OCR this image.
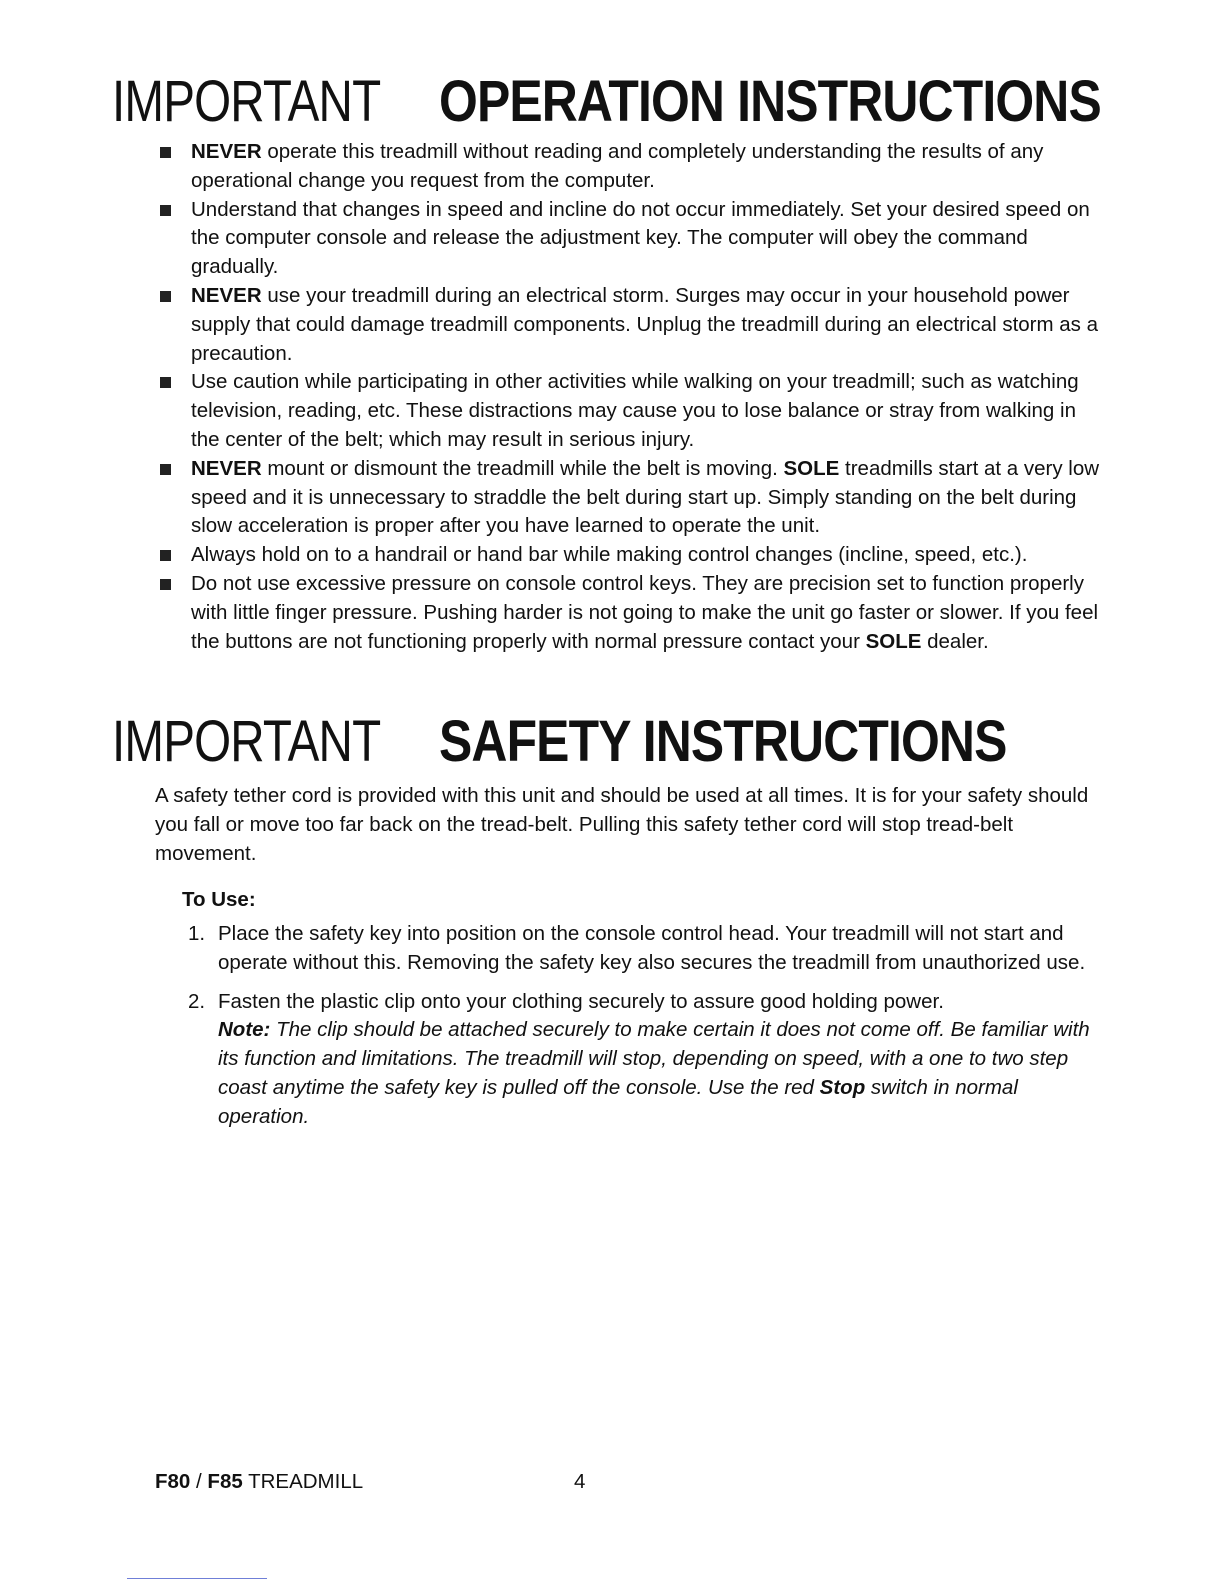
IMPORTANT OPERATION INSTRUCTIONS
NEVER operate this treadmill without reading and completely understanding the results of any operational change you request from the computer.
Understand that changes in speed and incline do not occur immediately. Set your desired speed on the computer console and release the adjustment key. The computer will obey the command gradually.
NEVER use your treadmill during an electrical storm. Surges may occur in your household power supply that could damage treadmill components. Unplug the treadmill during an electrical storm as a precaution.
Use caution while participating in other activities while walking on your treadmill; such as watching television, reading, etc. These distractions may cause you to lose balance or stray from walking in the center of the belt; which may result in serious injury.
NEVER mount or dismount the treadmill while the belt is moving. SOLE treadmills start at a very low speed and it is unnecessary to straddle the belt during start up. Simply standing on the belt during slow acceleration is proper after you have learned to operate the unit.
Always hold on to a handrail or hand bar while making control changes (incline, speed, etc.).
Do not use excessive pressure on console control keys. They are precision set to function properly with little finger pressure. Pushing harder is not going to make the unit go faster or slower. If you feel the buttons are not functioning properly with normal pressure contact your SOLE dealer.
IMPORTANT SAFETY INSTRUCTIONS

A safety tether cord is provided with this unit and should be used at all times. It is for your safety should you fall or move too far back on the tread-belt. Pulling this safety tether cord will stop tread-belt movement.

To Use:

1. Place the safety key into position on the console control head. Your treadmill will not start and operate without this. Removing the safety key also secures the treadmill from unauthorized use.
2. Fasten the plastic clip onto your clothing securely to assure good holding power.
Note: The clip should be attached securely to make certain it does not come off. Be familiar with its function and limitations. The treadmill will stop, depending on speed, with a one to two step coast anytime the safety key is pulled off the console. Use the red Stop switch in normal operation.
F80 / F85 TREADMILL	4
